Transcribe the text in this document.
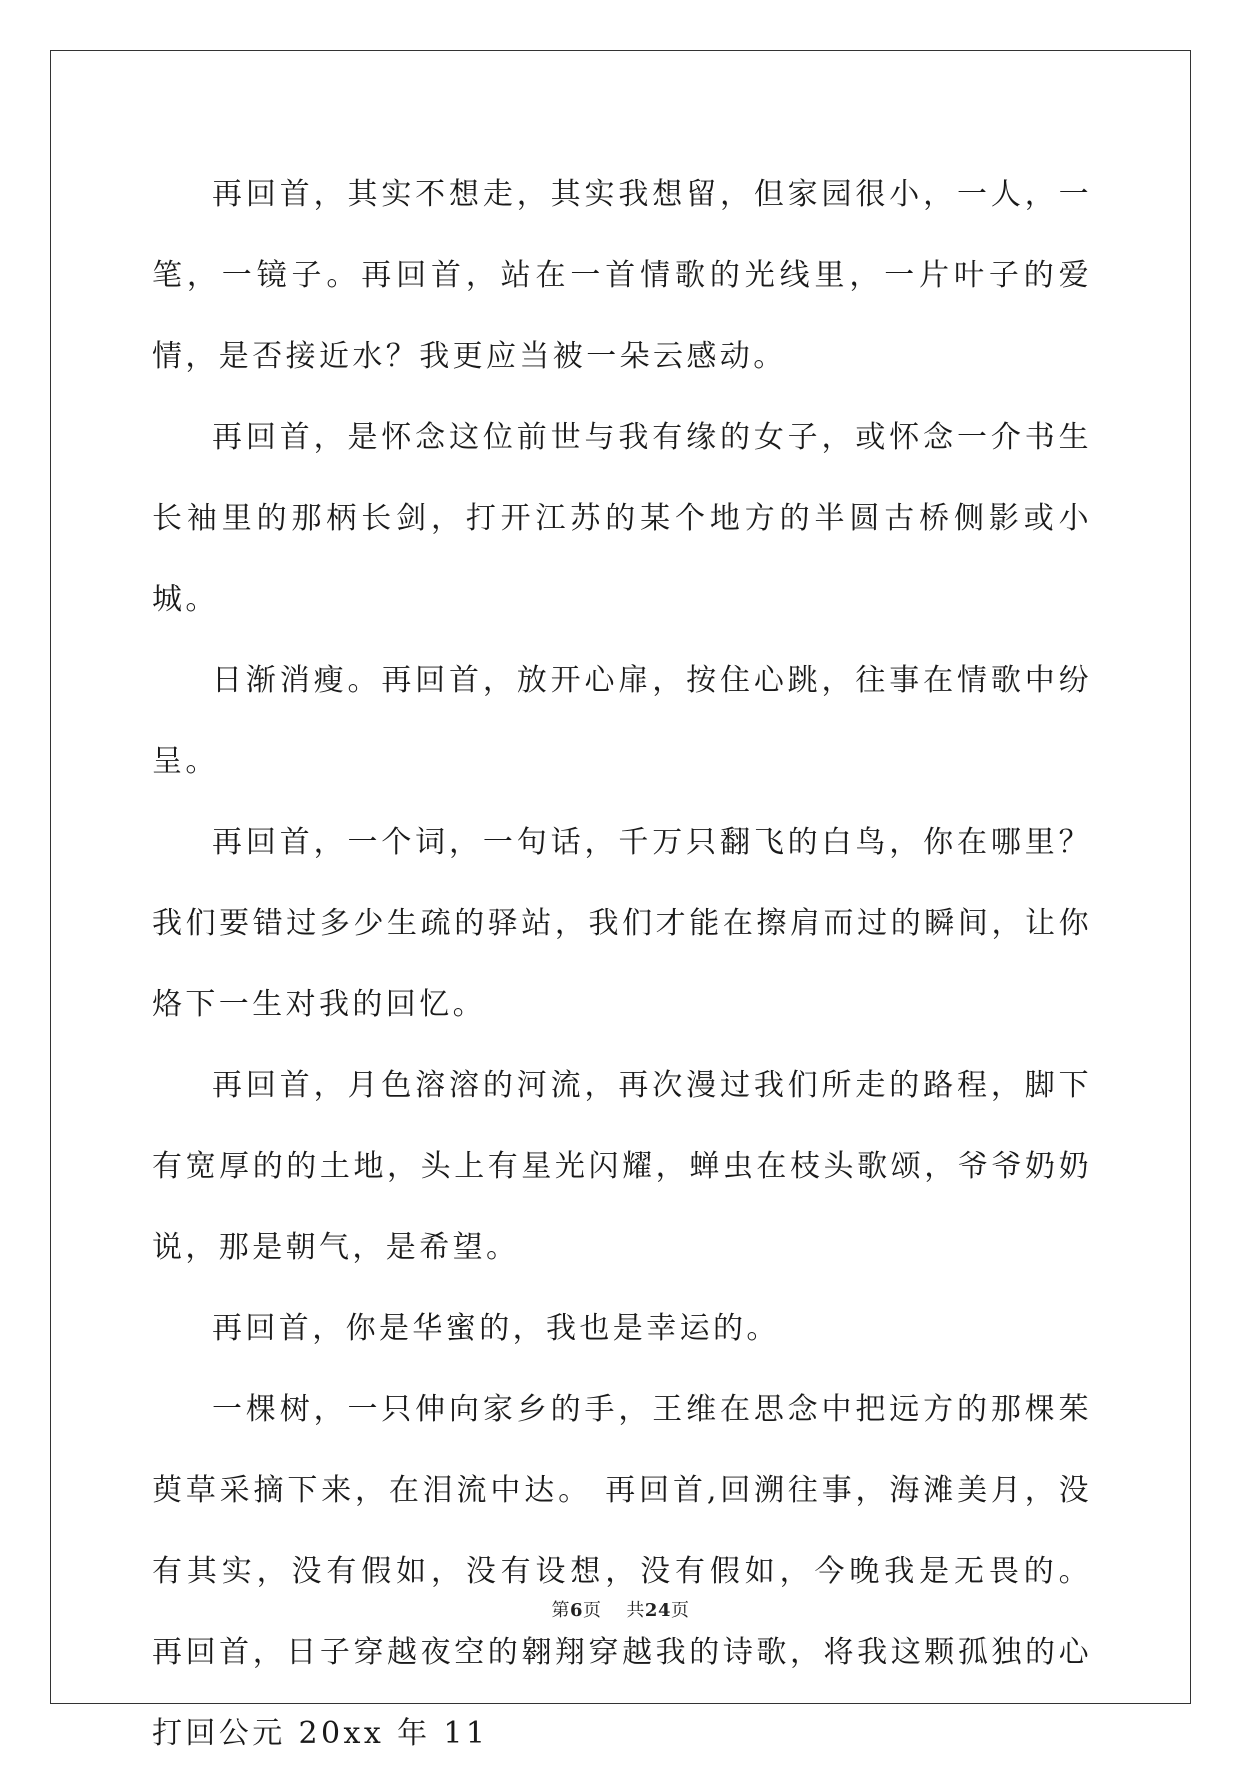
再回首，其实不想走，其实我想留，但家园很小，一人，一笔，一镜子。再回首，站在一首情歌的光线里，一片叶子的爱情，是否接近水？我更应当被一朵云感动。

再回首，是怀念这位前世与我有缘的女子，或怀念一介书生长袖里的那柄长剑，打开江苏的某个地方的半圆古桥侧影或小城。

日渐消瘦。再回首，放开心扉，按住心跳，往事在情歌中纷呈。

再回首，一个词，一句话，千万只翻飞的白鸟，你在哪里？我们要错过多少生疏的驿站，我们才能在擦肩而过的瞬间，让你烙下一生对我的回忆。

再回首，月色溶溶的河流，再次漫过我们所走的路程，脚下有宽厚的的土地，头上有星光闪耀，蝉虫在枝头歌颂，爷爷奶奶说，那是朝气，是希望。

再回首，你是华蜜的，我也是幸运的。

一棵树，一只伸向家乡的手，王维在思念中把远方的那棵茱萸草采摘下来，在泪流中达。 再回首,回溯往事，海滩美月，没有其实，没有假如，没有设想，没有假如，今晚我是无畏的。 再回首，日子穿越夜空的翱翔穿越我的诗歌，将我这颗孤独的心打回公元 20xx 年 11

第6页 共24页
